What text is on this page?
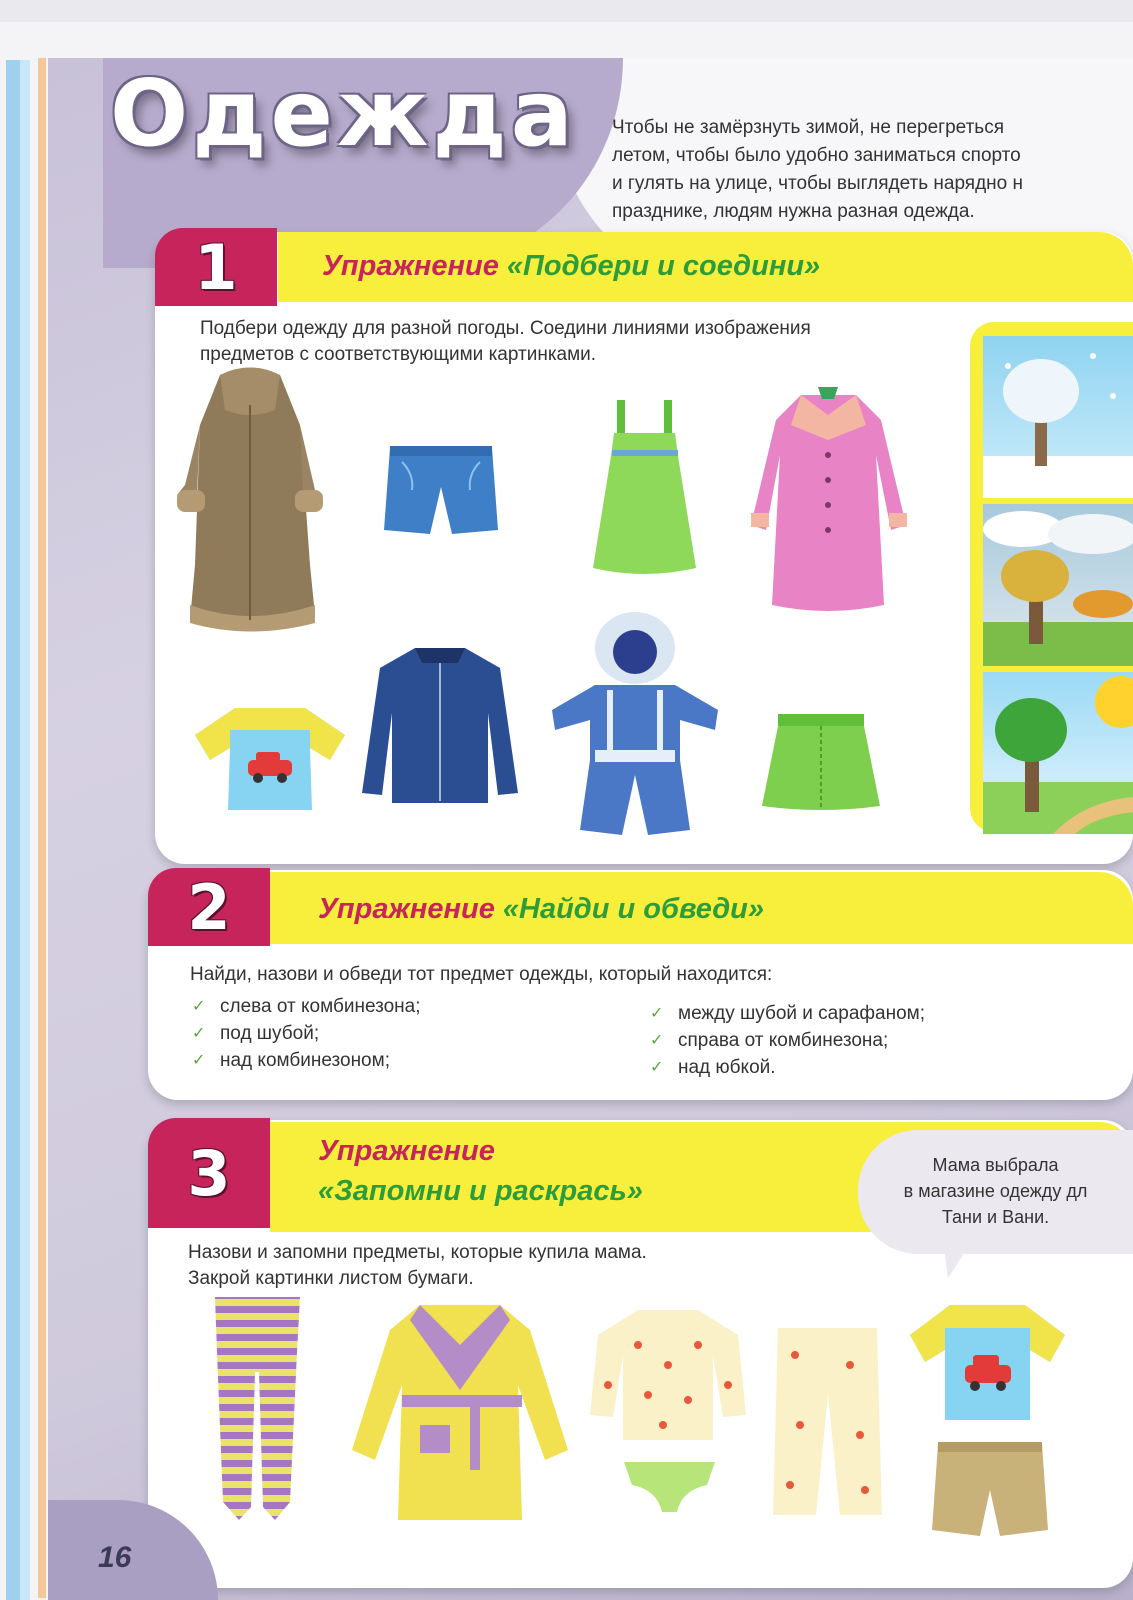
Одежда Чтобы не замёрзнуть зимой, не перегреться
летом, чтобы было удобно заниматься спорто
и гулять на улице, чтобы выглядеть нарядно н
празднике, людям нужна разная одежда.
1	Упражнение «Подбери и соедини»
Подбери одежду для разной погоды. Соедини линиями изображения
предметов с соответствующими картинками.
2	Упражнение «Найди и обведи»
Найди, назови и обведи тот предмет одежды, который находится:
✓ слева от комбинезона;
✓ под шубой;
✓ над комбинезоном;
✓ между шубой и сарафаном;
✓ справа от комбинезона;
✓ над юбкой.
3	Упражнение
«Запомни и раскрась»
Мама выбрала
в магазине одежду дл
Тани и Вани.
Назови и запомни предметы, которые купила мама.
Закрой картинки листом бумаги.
16
